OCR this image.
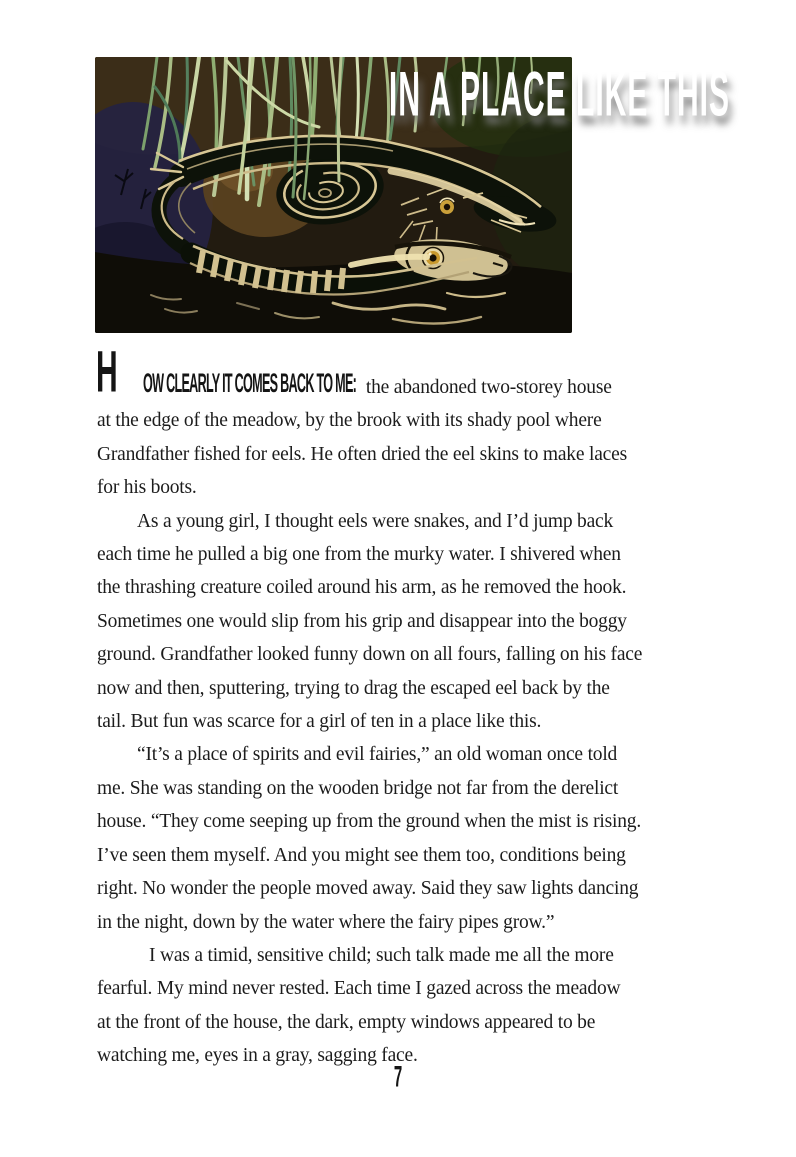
IN A PLACE LIKE THIS
H	OW CLEARLY IT COMES BACK TO ME: the abandoned two-storey house
at the edge of the meadow, by the brook with its shady pool where
Grandfather fished for eels. He often dried the eel skins to make laces
for his boots.

As a young girl, I thought eels were snakes, and I’d jump back
each time he pulled a big one from the murky water. I shivered when
the thrashing creature coiled around his arm, as he removed the hook.
Sometimes one would slip from his grip and disappear into the boggy
ground. Grandfather looked funny down on all fours, falling on his face
now and then, sputtering, trying to drag the escaped eel back by the
tail. But fun was scarce for a girl of ten in a place like this.

“It’s a place of spirits and evil fairies,” an old woman once told
me. She was standing on the wooden bridge not far from the derelict
house. “They come seeping up from the ground when the mist is rising.
I’ve seen them myself. And you might see them too, conditions being
right. No wonder the people moved away. Said they saw lights dancing
in the night, down by the water where the fairy pipes grow.”

I was a timid, sensitive child; such talk made me all the more
fearful. My mind never rested. Each time I gazed across the meadow
at the front of the house, the dark, empty windows appeared to be
watching me, eyes in a gray, sagging face.

7
